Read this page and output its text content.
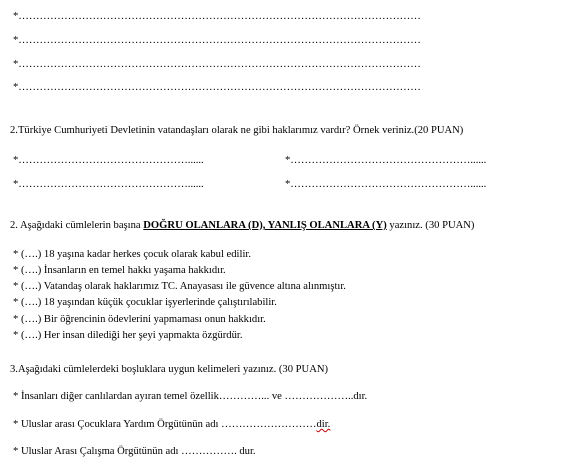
*……………………………………………………………………………………………………
*……………………………………………………………………………………………………
*……………………………………………………………………………………………………
*……………………………………………………………………………………………………
2.Türkiye Cumhuriyeti Devletinin vatandaşları olarak ne gibi haklarımız vardır? Örnek veriniz.(20 PUAN)
*…………………………………………......	*……………………………………………......
*…………………………………………......	*……………………………………………......
2. Aşağıdaki cümlelerin başına DOĞRU OLANLARA (D), YANLIŞ OLANLARA (Y) yazınız. (30 PUAN)
* (….) 18 yaşına kadar herkes çocuk olarak kabul edilir.
* (….) İnsanların en temel hakkı yaşama hakkıdır.
* (….) Vatandaş olarak haklarımız TC. Anayasası ile güvence altına alınmıştır.
* (….) 18 yaşından küçük çocuklar işyerlerinde çalıştırılabilir.
* (….) Bir öğrencinin ödevlerini yapmaması onun hakkıdır.
* (….) Her insan dilediği her şeyi yapmakta özgürdür.
3.Aşağıdaki cümlelerdeki boşluklara uygun kelimeleri yazınız. (30 PUAN)
* İnsanları diğer canlılardan ayıran temel özellik…………... ve ………………..dır.
* Uluslar arası Çocuklara Yardım Örgütünün adı ………………………dir.
* Uluslar Arası Çalışma Örgütünün adı ……………. dur.
